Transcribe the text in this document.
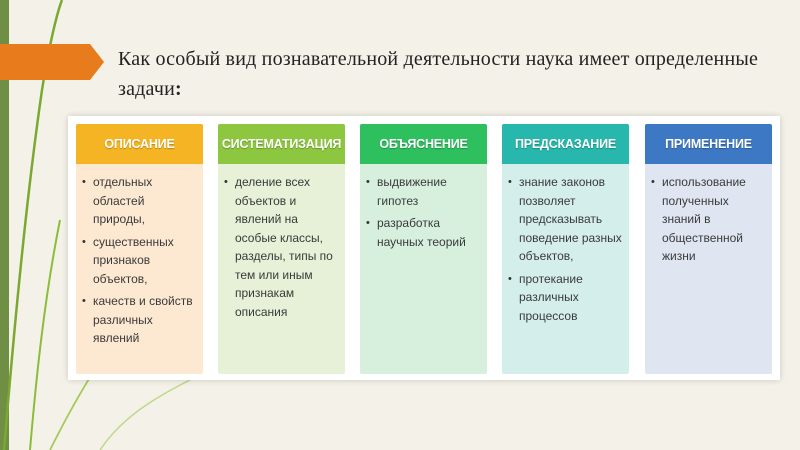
Как особый вид познавательной деятельности наука имеет определенные задачи:
ОПИСАНИЕ
• отдельных областей природы,
• существенных признаков объектов,
• качеств и свойств различных явлений
СИСТЕМАТИЗАЦИЯ
• деление всех объектов и явлений на особые классы, разделы, типы по тем или иным признакам описания
ОБЪЯСНЕНИЕ
• выдвижение гипотез
• разработка научных теорий
ПРЕДСКАЗАНИЕ
• знание законов позволяет предсказывать поведение разных объектов,
• протекание различных процессов
ПРИМЕНЕНИЕ
• использование полученных знаний в общественной жизни
